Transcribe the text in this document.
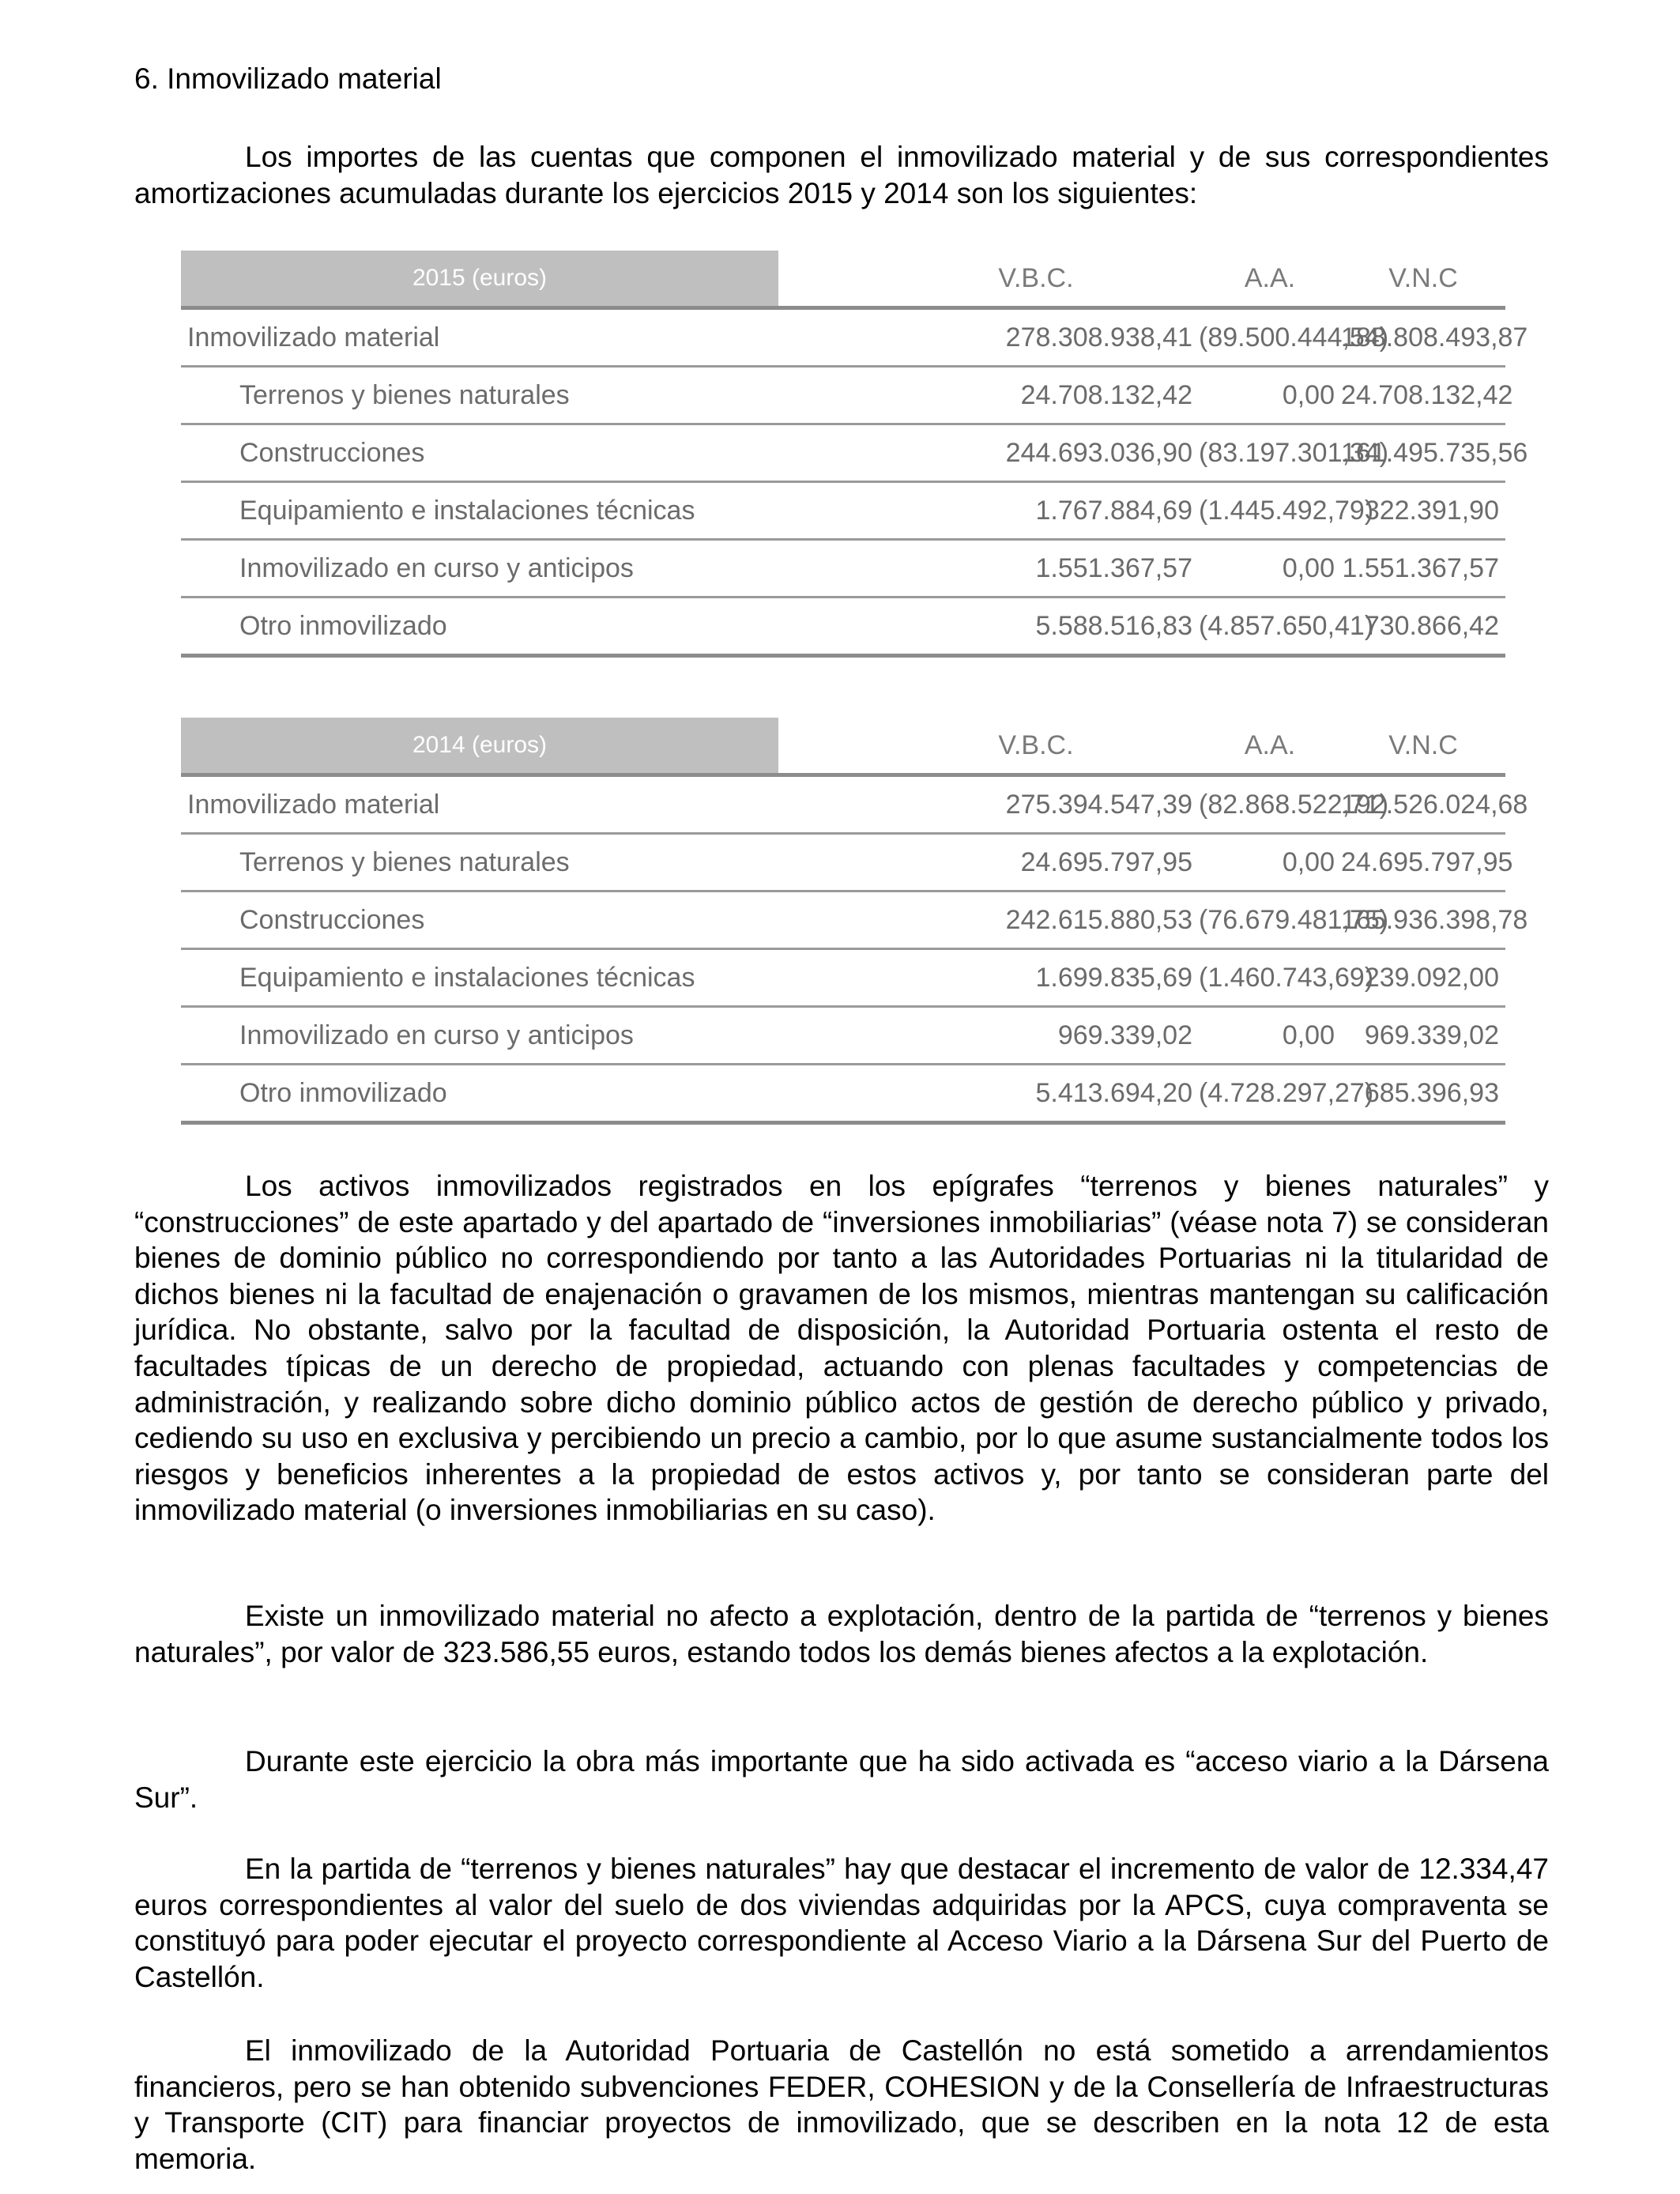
6. Inmovilizado material

Los importes de las cuentas que componen el inmovilizado material y de sus correspondientes amortizaciones acumuladas durante los ejercicios 2015 y 2014 son los siguientes:

2015 (euros)	V.B.C.	A.A.	V.N.C
Inmovilizado material	278.308.938,41	(89.500.444,54)	188.808.493,87
Terrenos y bienes naturales	24.708.132,42	0,00	24.708.132,42
Construcciones	244.693.036,90	(83.197.301,34)	161.495.735,56
Equipamiento e instalaciones técnicas	1.767.884,69	(1.445.492,79)	322.391,90
Inmovilizado en curso y anticipos	1.551.367,57	0,00	1.551.367,57
Otro inmovilizado	5.588.516,83	(4.857.650,41)	730.866,42
2014 (euros)	V.B.C.	A.A.	V.N.C
Inmovilizado material	275.394.547,39	(82.868.522,71)	192.526.024,68
Terrenos y bienes naturales	24.695.797,95	0,00	24.695.797,95
Construcciones	242.615.880,53	(76.679.481,75)	165.936.398,78
Equipamiento e instalaciones técnicas	1.699.835,69	(1.460.743,69)	239.092,00
Inmovilizado en curso y anticipos	969.339,02	0,00	969.339,02
Otro inmovilizado	5.413.694,20	(4.728.297,27)	685.396,93

Los activos inmovilizados registrados en los epígrafes “terrenos y bienes naturales” y “construcciones” de este apartado y del apartado de “inversiones inmobiliarias” (véase nota 7) se consideran bienes de dominio público no correspondiendo por tanto a las Autoridades Portuarias ni la titularidad de dichos bienes ni la facultad de enajenación o gravamen de los mismos, mientras mantengan su calificación jurídica. No obstante, salvo por la facultad de disposición, la Autoridad Portuaria ostenta el resto de facultades típicas de un derecho de propiedad, actuando con plenas facultades y competencias de administración, y realizando sobre dicho dominio público actos de gestión de derecho público y privado, cediendo su uso en exclusiva y percibiendo un precio a cambio, por lo que asume sustancialmente todos los riesgos y beneficios inherentes a la propiedad de estos activos y, por tanto se consideran parte del inmovilizado material (o inversiones inmobiliarias en su caso).

Existe un inmovilizado material no afecto a explotación, dentro de la partida de “terrenos y bienes naturales”, por valor de 323.586,55 euros, estando todos los demás bienes afectos a la explotación.

Durante este ejercicio la obra más importante que ha sido activada es “acceso viario a la Dársena Sur”.

En la partida de “terrenos y bienes naturales” hay que destacar el incremento de valor de 12.334,47 euros correspondientes al valor del suelo de dos viviendas adquiridas por la APCS, cuya compraventa se constituyó para poder ejecutar el proyecto correspondiente al Acceso Viario a la Dársena Sur del Puerto de Castellón.

El inmovilizado de la Autoridad Portuaria de Castellón no está sometido a arrendamientos financieros, pero se han obtenido subvenciones FEDER, COHESION y de la Consellería de Infraestructuras y Transporte (CIT) para financiar proyectos de inmovilizado, que se describen en la nota 12 de esta memoria.
